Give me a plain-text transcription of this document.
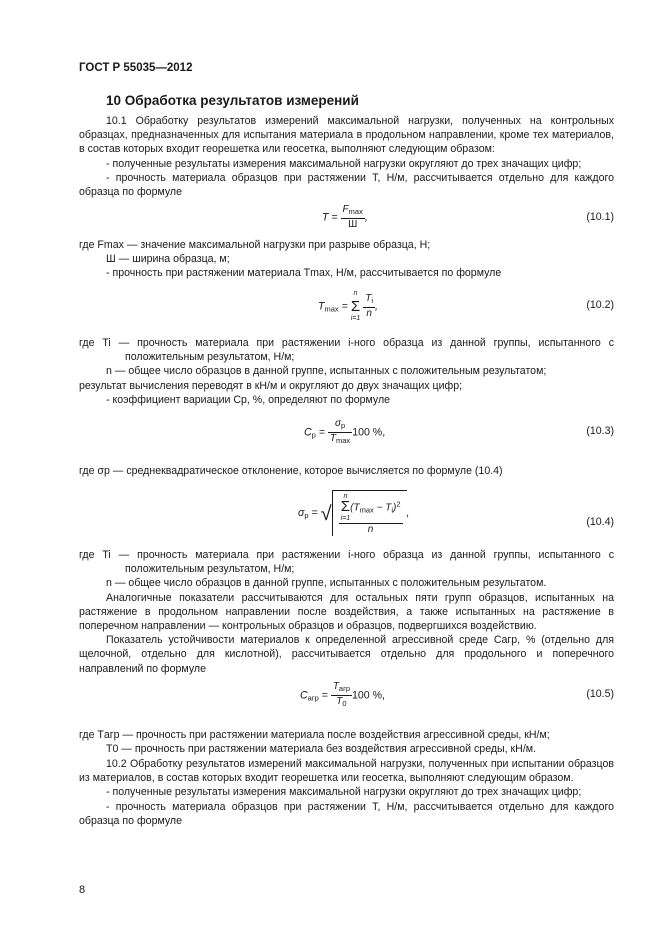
ГОСТ Р 55035—2012
10 Обработка результатов измерений

10.1 Обработку результатов измерений максимальной нагрузки, полученных на контрольных образцах, предназначенных для испытания материала в продольном направлении, кроме тех материалов, в состав которых входит георешетка или геосетка, выполняют следующим образом:

- полученные результаты измерения максимальной нагрузки округляют до трех значащих цифр;

- прочность материала образцов при растяжении T, Н/м, рассчитывается отдельно для каждого образца по формуле

$T = \frac{F_{max}}{Ш}$ ,	(10.1)

где Fmax — значение максимальной нагрузки при разрыве образца, Н;

Ш — ширина образца, м;

- прочность при растяжении материала Tmax, Н/м, рассчитывается по формуле

$T_{max}$ =
n
Σ
i=1
$\frac{T_i}{n}$ ,	(10.2)

где Ti — прочность материала при растяжении i-ного образца из данной группы, испытанного с положительным результатом, Н/м;

n — общее число образцов в данной группе, испытанных с положительным результатом;

результат вычисления переводят в кН/м и округляют до двух значащих цифр;

- коэффициент вариации Cp, %, определяют по формуле

$C_p = \frac{\sigma_p}{T_{max}} 100$ %,	(10.3)

где σp — среднеквадратическое отклонение, которое вычисляется по формуле (10.4)

$\sigma_p$ = √ n
Σ
i=1
$(T_{max} - T_i)^2$
n ,
(10.4)

где Ti — прочность материала при растяжении i-ного образца из данной группы, испытанного с положительным результатом, Н/м;

n — общее число образцов в данной группе, испытанных с положительным результатом.

Аналогичные показатели рассчитываются для остальных пяти групп образцов, испытанных на растяжение в продольном направлении после воздействия, а также испытанных на растяжение в поперечном направлении — контрольных образцов и образцов, подвергшихся воздействию.

Показатель устойчивости материалов к определенной агрессивной среде Cагр, % (отдельно для щелочной, отдельно для кислотной), рассчитывается отдельно для продольного и поперечного направлений по формуле

$C_{агр} = \frac{T_{агр}}{T_0} 100$ %,	(10.5)

где Tагр — прочность при растяжении материала после воздействия агрессивной среды, кН/м;

T0 — прочность при растяжении материала без воздействия агрессивной среды, кН/м.

10.2 Обработку результатов измерений максимальной нагрузки, полученных при испытании образцов из материалов, в состав которых входит георешетка или геосетка, выполняют следующим образом.

- полученные результаты измерения максимальной нагрузки округляют до трех значащих цифр;

- прочность материала образцов при растяжении T, Н/м, рассчитывается отдельно для каждого образца по формуле

8
